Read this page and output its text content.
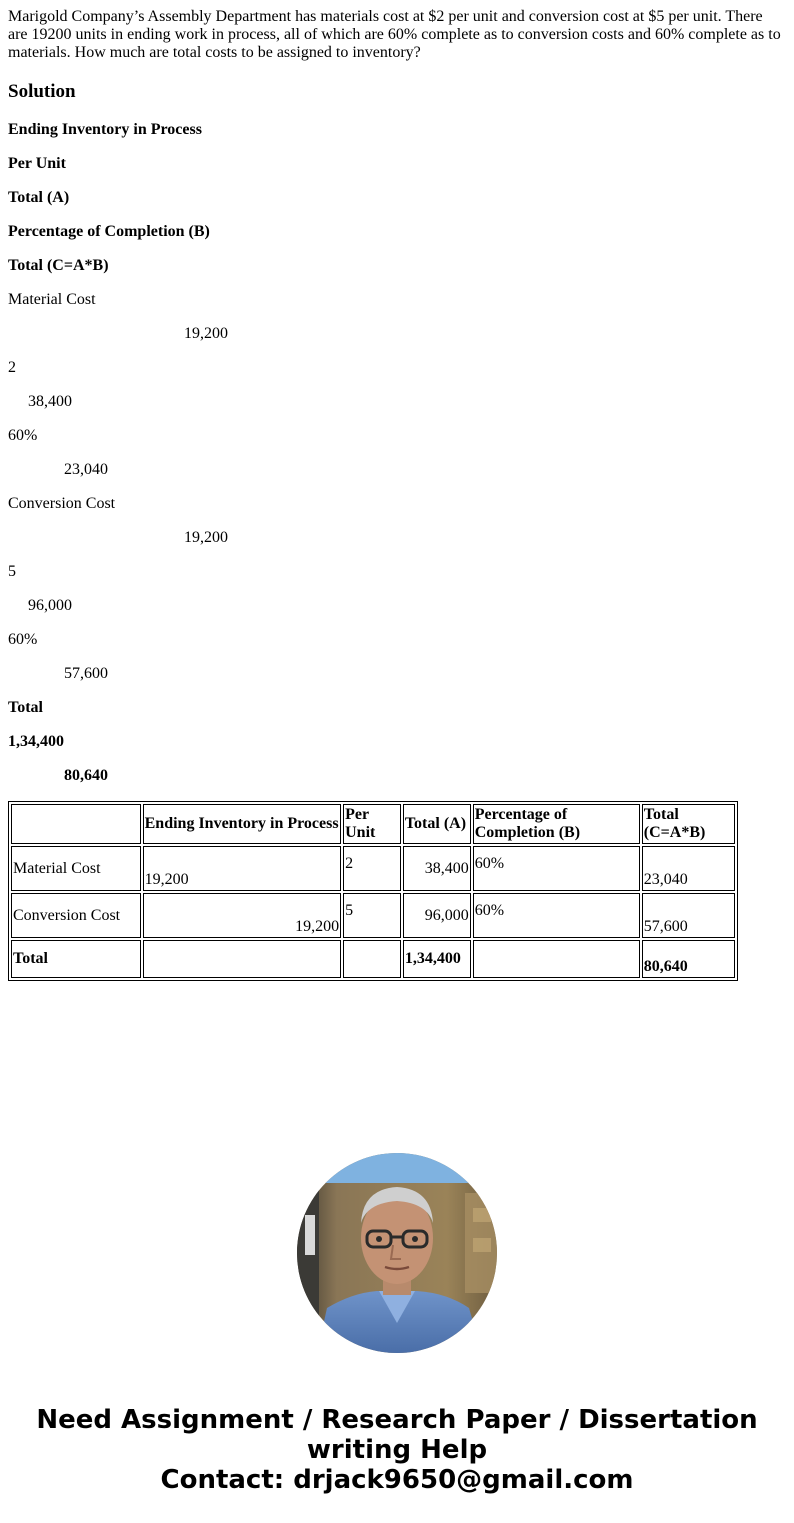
Marigold Company’s Assembly Department has materials cost at $2 per unit and conversion cost at $5 per unit. There are 19200 units in ending work in process, all of which are 60% complete as to conversion costs and 60% complete as to materials. How much are total costs to be assigned to inventory?

Solution

Ending Inventory in Process

Per Unit

Total (A)

Percentage of Completion (B)

Total (C=A*B)

Material Cost

19,200

2

38,400

60%

23,040

Conversion Cost

19,200

5

96,000

60%

57,600

Total

1,34,400

80,640

	Ending Inventory in Process	Per Unit	Total (A)	Percentage of Completion (B)	Total (C=A*B)
Material Cost	19,200	2	38,400	60%	23,040
Conversion Cost	19,200	5	96,000	60%	57,600
Total			1,34,400		80,640
Need Assignment / Research Paper / Dissertation
writing Help
Contact: drjack9650@gmail.com
